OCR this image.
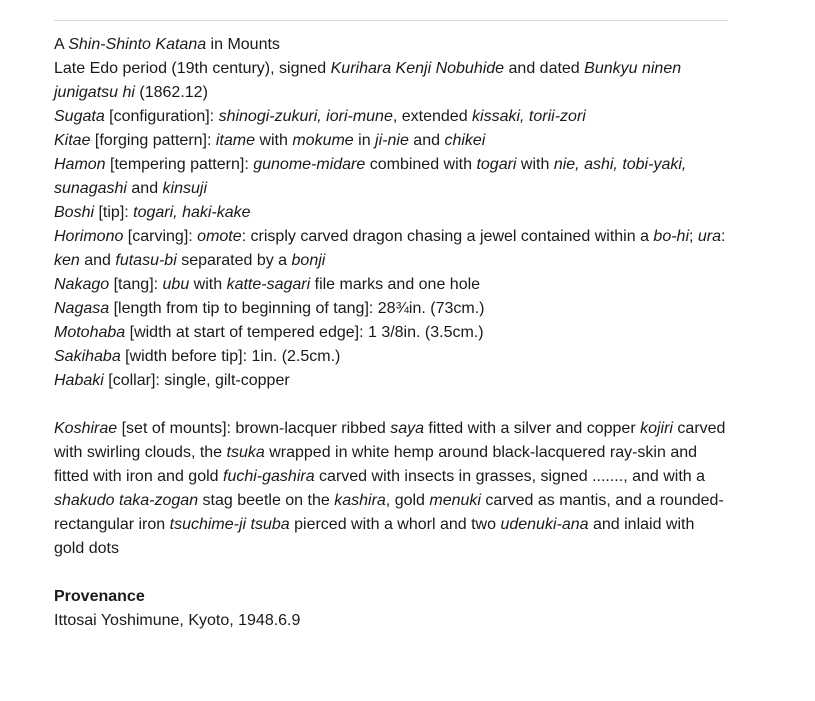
A Shin-Shinto Katana in Mounts

Late Edo period (19th century), signed Kurihara Kenji Nobuhide and dated Bunkyu ninen junigatsu hi (1862.12)

Sugata [configuration]: shinogi-zukuri, iori-mune, extended kissaki, torii-zori

Kitae [forging pattern]: itame with mokume in ji-nie and chikei

Hamon [tempering pattern]: gunome-midare combined with togari with nie, ashi, tobi-yaki, sunagashi and kinsuji

Boshi [tip]: togari, haki-kake

Horimono [carving]: omote: crisply carved dragon chasing a jewel contained within a bo-hi; ura: ken and futasu-bi separated by a bonji

Nakago [tang]: ubu with katte-sagari file marks and one hole

Nagasa [length from tip to beginning of tang]: 28¾in. (73cm.)

Motohaba [width at start of tempered edge]: 1 3/8in. (3.5cm.)

Sakihaba [width before tip]: 1in. (2.5cm.)

Habaki [collar]: single, gilt-copper

Koshirae [set of mounts]: brown-lacquer ribbed saya fitted with a silver and copper kojiri carved with swirling clouds, the tsuka wrapped in white hemp around black-lacquered ray-skin and fitted with iron and gold fuchi-gashira carved with insects in grasses, signed ......., and with a shakudo taka-zogan stag beetle on the kashira, gold menuki carved as mantis, and a rounded-rectangular iron tsuchime-ji tsuba pierced with a whorl and two udenuki-ana and inlaid with gold dots

Provenance

Ittosai Yoshimune, Kyoto, 1948.6.9
